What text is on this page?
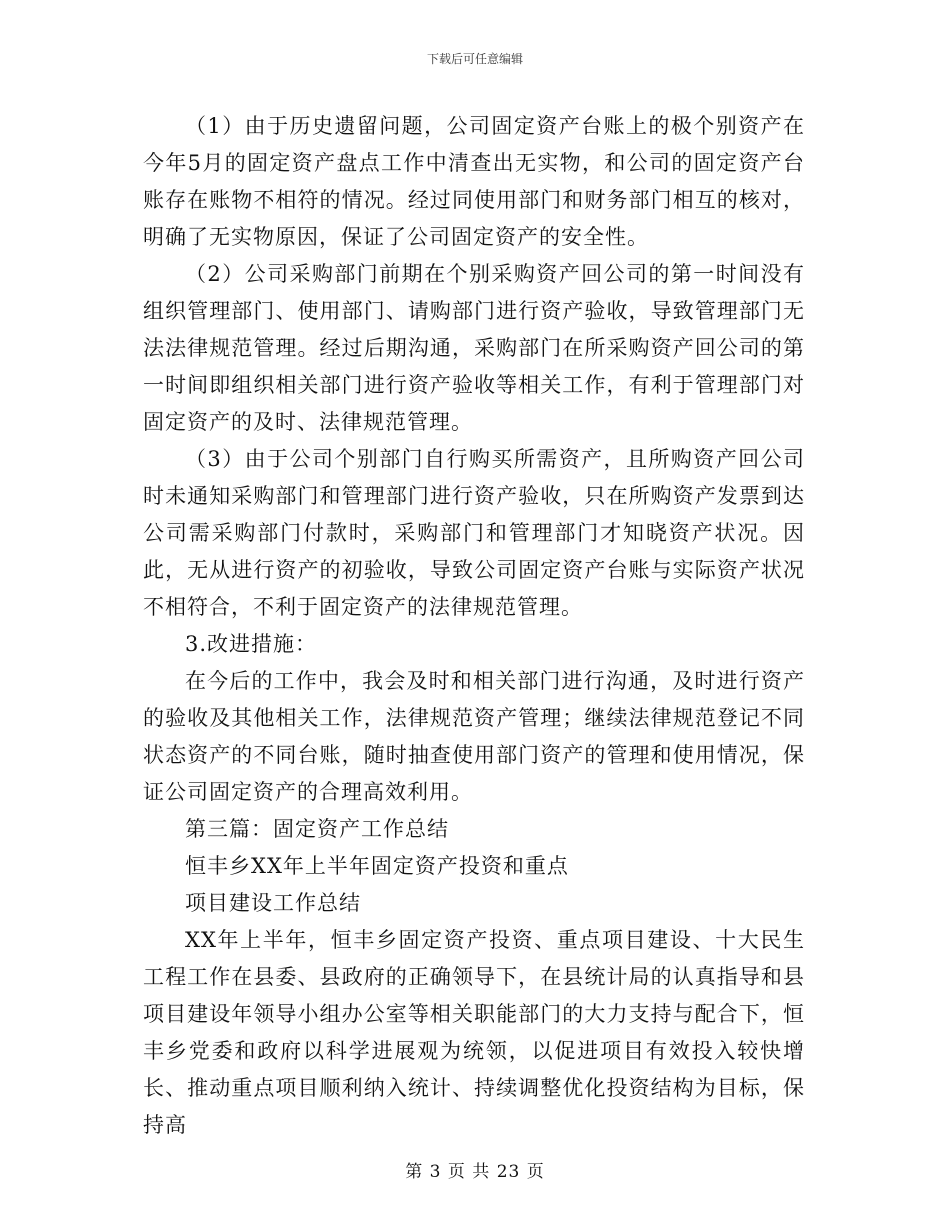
下载后可任意编辑

（1）由于历史遗留问题，公司固定资产台账上的极个别资产在今年5月的固定资产盘点工作中清查出无实物，和公司的固定资产台账存在账物不相符的情况。经过同使用部门和财务部门相互的核对，明确了无实物原因，保证了公司固定资产的安全性。

（2）公司采购部门前期在个别采购资产回公司的第一时间没有组织管理部门、使用部门、请购部门进行资产验收，导致管理部门无法法律规范管理。经过后期沟通，采购部门在所采购资产回公司的第一时间即组织相关部门进行资产验收等相关工作，有利于管理部门对固定资产的及时、法律规范管理。

（3）由于公司个别部门自行购买所需资产，且所购资产回公司时未通知采购部门和管理部门进行资产验收，只在所购资产发票到达公司需采购部门付款时，采购部门和管理部门才知晓资产状况。因此，无从进行资产的初验收，导致公司固定资产台账与实际资产状况不相符合，不利于固定资产的法律规范管理。

3.改进措施：

在今后的工作中，我会及时和相关部门进行沟通，及时进行资产的验收及其他相关工作，法律规范资产管理；继续法律规范登记不同状态资产的不同台账，随时抽查使用部门资产的管理和使用情况，保证公司固定资产的合理高效利用。

第三篇：固定资产工作总结

恒丰乡XX年上半年固定资产投资和重点

项目建设工作总结

XX年上半年，恒丰乡固定资产投资、重点项目建设、十大民生工程工作在县委、县政府的正确领导下，在县统计局的认真指导和县项目建设年领导小组办公室等相关职能部门的大力支持与配合下，恒丰乡党委和政府以科学进展观为统领，以促进项目有效投入较快增长、推动重点项目顺利纳入统计、持续调整优化投资结构为目标，保持高

第 3 页 共 23 页
